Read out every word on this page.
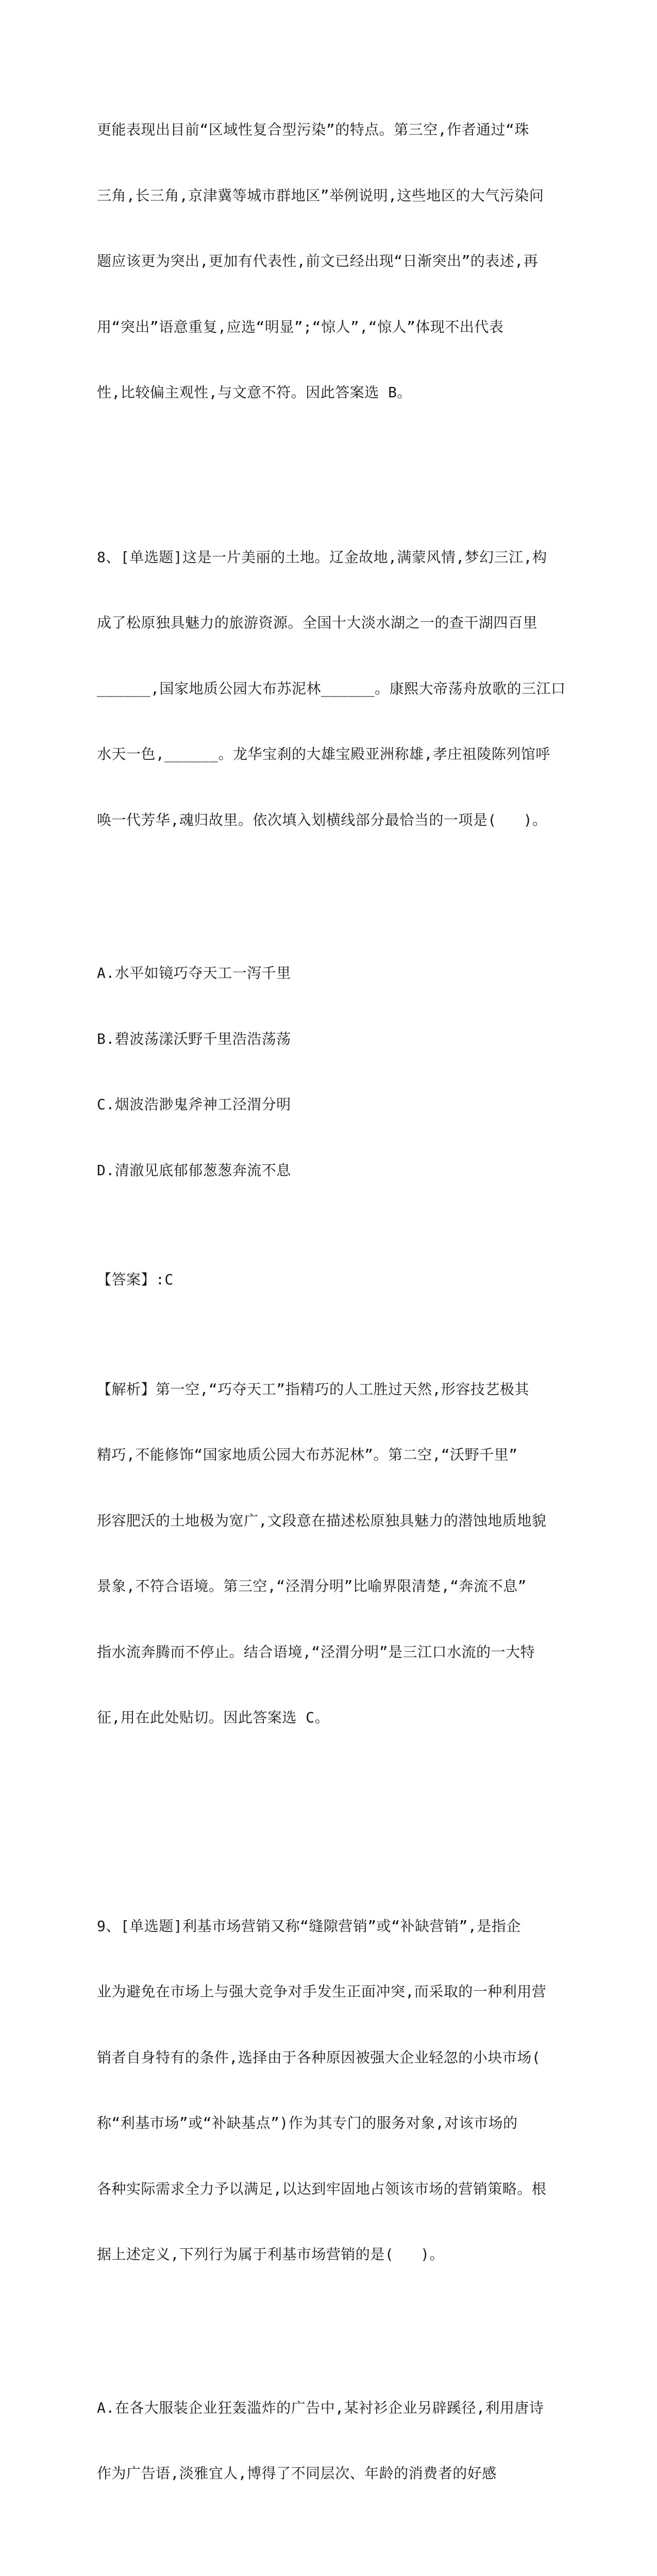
更能表现出目前“区域性复合型污染”的特点。第三空,作者通过“珠

三角,长三角,京津冀等城市群地区”举例说明,这些地区的大气污染问

题应该更为突出,更加有代表性,前文已经出现“日渐突出”的表述,再

用“突出”语意重复,应选“明显”;“惊人”,“惊人”体现不出代表

性,比较偏主观性,与文意不符。因此答案选 B。

8、[单选题]这是一片美丽的土地。辽金故地,满蒙风情,梦幻三江,构

成了松原独具魅力的旅游资源。全国十大淡水湖之一的查干湖四百里

______,国家地质公园大布苏泥林______。康熙大帝荡舟放歌的三江口

水天一色,______。龙华宝刹的大雄宝殿亚洲称雄,孝庄祖陵陈列馆呼

唤一代芳华,魂归故里。依次填入划横线部分最恰当的一项是(   )。

A.水平如镜巧夺天工一泻千里

B.碧波荡漾沃野千里浩浩荡荡

C.烟波浩渺鬼斧神工泾渭分明

D.清澈见底郁郁葱葱奔流不息

【答案】:C

【解析】第一空,“巧夺天工”指精巧的人工胜过天然,形容技艺极其

精巧,不能修饰“国家地质公园大布苏泥林”。第二空,“沃野千里”

形容肥沃的土地极为宽广,文段意在描述松原独具魅力的潜蚀地质地貌

景象,不符合语境。第三空,“泾渭分明”比喻界限清楚,“奔流不息”

指水流奔腾而不停止。结合语境,“泾渭分明”是三江口水流的一大特

征,用在此处贴切。因此答案选 C。

9、[单选题]利基市场营销又称“缝隙营销”或“补缺营销”,是指企

业为避免在市场上与强大竞争对手发生正面冲突,而采取的一种利用营

销者自身特有的条件,选择由于各种原因被强大企业轻忽的小块市场(

称“利基市场”或“补缺基点”)作为其专门的服务对象,对该市场的

各种实际需求全力予以满足,以达到牢固地占领该市场的营销策略。根

据上述定义,下列行为属于利基市场营销的是(   )。

A.在各大服装企业狂轰滥炸的广告中,某衬衫企业另辟蹊径,利用唐诗

作为广告语,淡雅宜人,博得了不同层次、年龄的消费者的好感
